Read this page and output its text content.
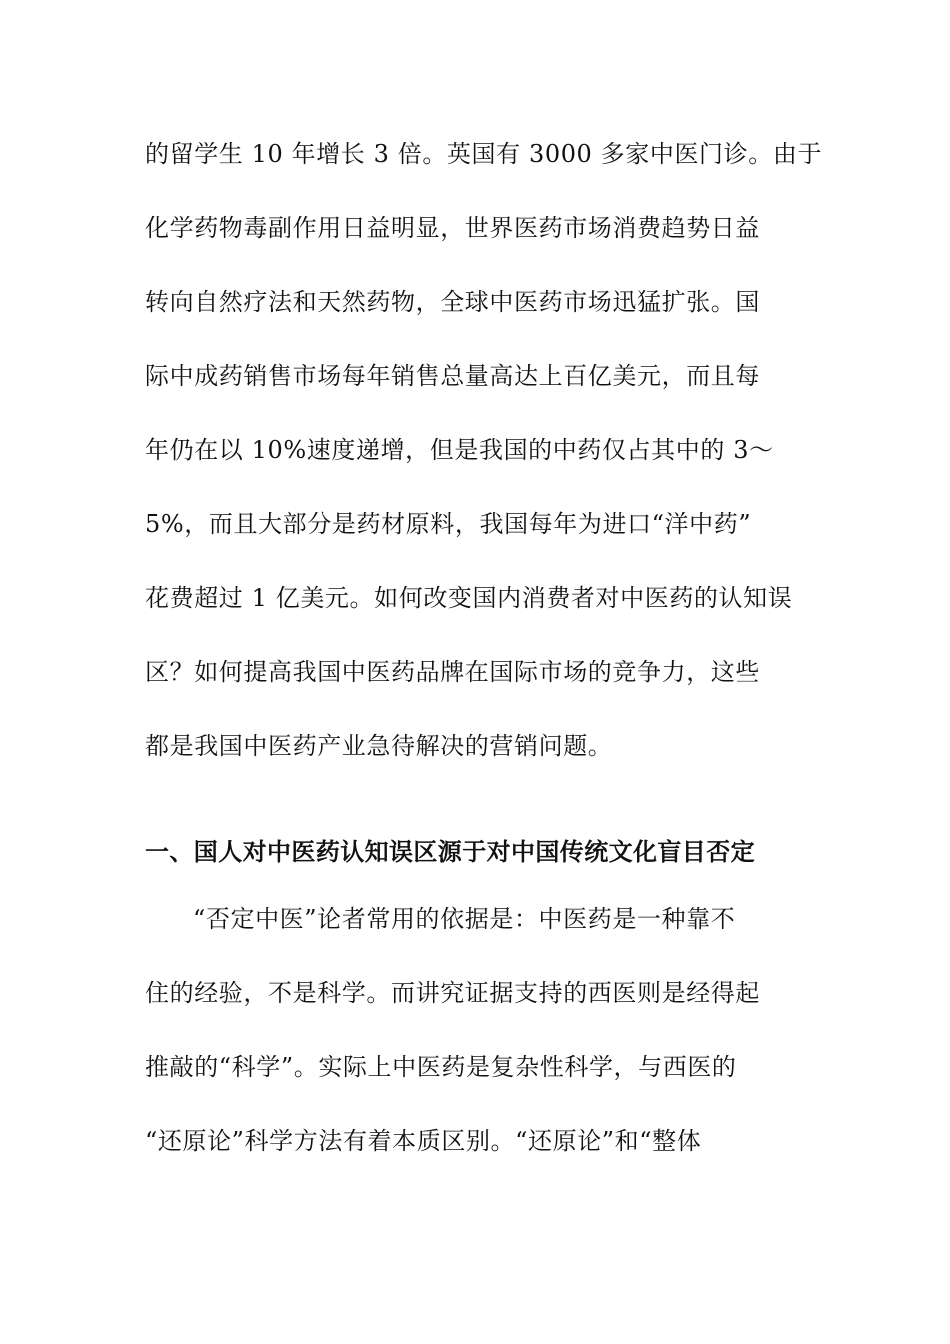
的留学生 10 年增长 3 倍。英国有 3000 多家中医门诊。由于
化学药物毒副作用日益明显，世界医药市场消费趋势日益
转向自然疗法和天然药物，全球中医药市场迅猛扩张。国
际中成药销售市场每年销售总量高达上百亿美元，而且每
年仍在以 10%速度递增，但是我国的中药仅占其中的 3～
5%，而且大部分是药材原料，我国每年为进口“洋中药”
花费超过 1 亿美元。如何改变国内消费者对中医药的认知误
区？如何提高我国中医药品牌在国际市场的竞争力，这些
都是我国中医药产业急待解决的营销问题。
一、国人对中医药认知误区源于对中国传统文化盲目否定
“否定中医”论者常用的依据是：中医药是一种靠不
住的经验，不是科学。而讲究证据支持的西医则是经得起
推敲的“科学”。实际上中医药是复杂性科学，与西医的
“还原论”科学方法有着本质区别。“还原论”和“整体
